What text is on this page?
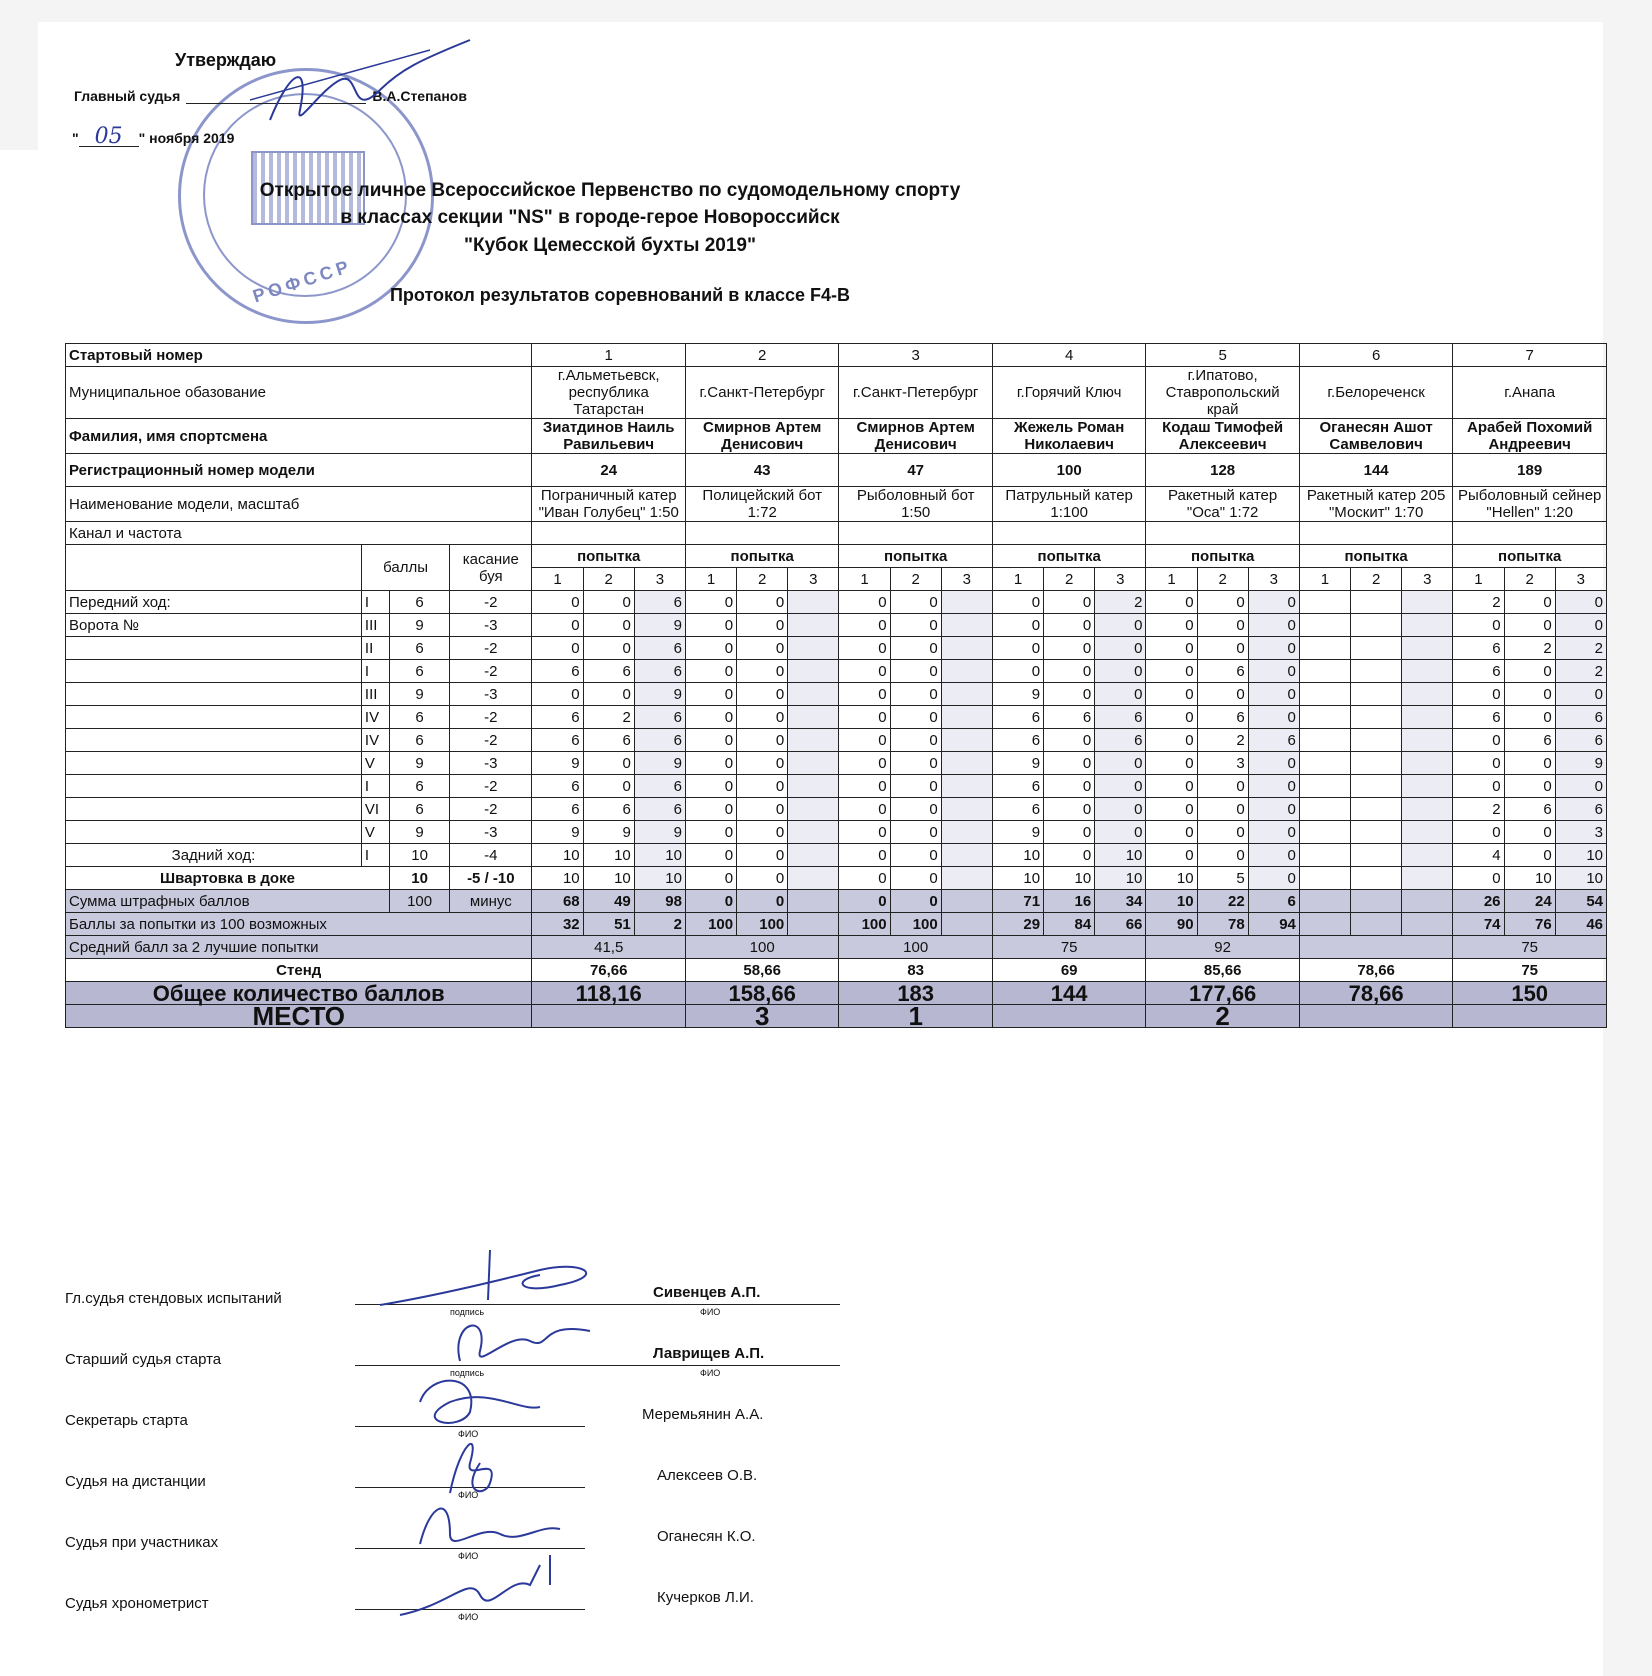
РОФССР
Утверждаю
Главный судья	В.А.Степанов
" 05 " ноября 2019
Открытое личное Всероссийское Первенство по судомодельному спорту
в классах секции "NS" в городе-герое Новороссийск
"Кубок Цемесской бухты 2019"
Протокол результатов соревнований в классе F4-B
Стартовый номер				1			2			3			4			5			6			7		
Муниципальное обазование				г.Альметьевск, республика Татарстан			г.Санкт-Петербург			г.Санкт-Петербург			г.Горячий Ключ			г.Ипатово, Ставропольский край			г.Белореченск			г.Анапа		
Фамилия, имя спортсмена				Зиатдинов Наиль Равильевич			Смирнов Артем Денисович			Смирнов Артем Денисович			Жежель Роман Николаевич			Кодаш Тимофей Алексеевич			Оганесян Ашот Самвелович			Арабей Похомий Андреевич		
Регистрационный номер модели				24			43			47			100			128			144			189		
Наименование модели, масштаб				Пограничный катер "Иван Голубец" 1:50			Полицейский бот 1:72			Рыболовный бот 1:50			Патрульный катер 1:100			Ракетный катер "Оса" 1:72			Ракетный катер 205 "Москит" 1:70			Рыболовный сейнер "Hellen" 1:20		
Канал и частота																								
	баллы		касание буя	попытка			попытка			попытка			попытка			попытка			попытка			попытка		
				1	2	3	1	2	3	1	2	3	1	2	3	1	2	3	1	2	3	1	2	3
Передний ход:	I	6	-2	0	0	6	0	0		0	0		0	0	2	0	0	0				2	0	0
Ворота №	III	9	-3	0	0	9	0	0		0	0		0	0	0	0	0	0				0	0	0
	II	6	-2	0	0	6	0	0		0	0		0	0	0	0	0	0				6	2	2
	I	6	-2	6	6	6	0	0		0	0		0	0	0	0	6	0				6	0	2
	III	9	-3	0	0	9	0	0		0	0		9	0	0	0	0	0				0	0	0
	IV	6	-2	6	2	6	0	0		0	0		6	6	6	0	6	0				6	0	6
	IV	6	-2	6	6	6	0	0		0	0		6	0	6	0	2	6				0	6	6
	V	9	-3	9	0	9	0	0		0	0		9	0	0	0	3	0				0	0	9
	I	6	-2	6	0	6	0	0		0	0		6	0	0	0	0	0				0	0	0
	VI	6	-2	6	6	6	0	0		0	0		6	0	0	0	0	0				2	6	6
	V	9	-3	9	9	9	0	0		0	0		9	0	0	0	0	0				0	0	3
Задний ход:	I	10	-4	10	10	10	0	0		0	0		10	0	10	0	0	0				4	0	10
Швартовка в доке		10	-5 / -10	10	10	10	0	0		0	0		10	10	10	10	5	0				0	10	10
Сумма штрафных баллов		100	минус	68	49	98	0	0		0	0		71	16	34	10	22	6				26	24	54
Баллы за попытки из 100 возможных				32	51	2	100	100		100	100		29	84	66	90	78	94				74	76	46
Средний балл за 2 лучшие попытки				41,5			100			100			75			92						75		
Стенд				76,66			58,66			83			69			85,66			78,66			75		
Общее количество баллов				118,16			158,66			183			144			177,66			78,66			150		
МЕСТО							3			1						2								
Гл.судья стендовых испытаний	Сивенцев А.П.
подпись	ФИО
Старший судья старта	Лаврищев А.П.
подпись	ФИО
Секретарь старта	Меремьянин А.А.
ФИО
Судья на дистанции	Алексеев О.В.
ФИО
Судья при участниках	Оганесян К.О.
ФИО
Судья хронометрист	Кучерков Л.И.
ФИО
